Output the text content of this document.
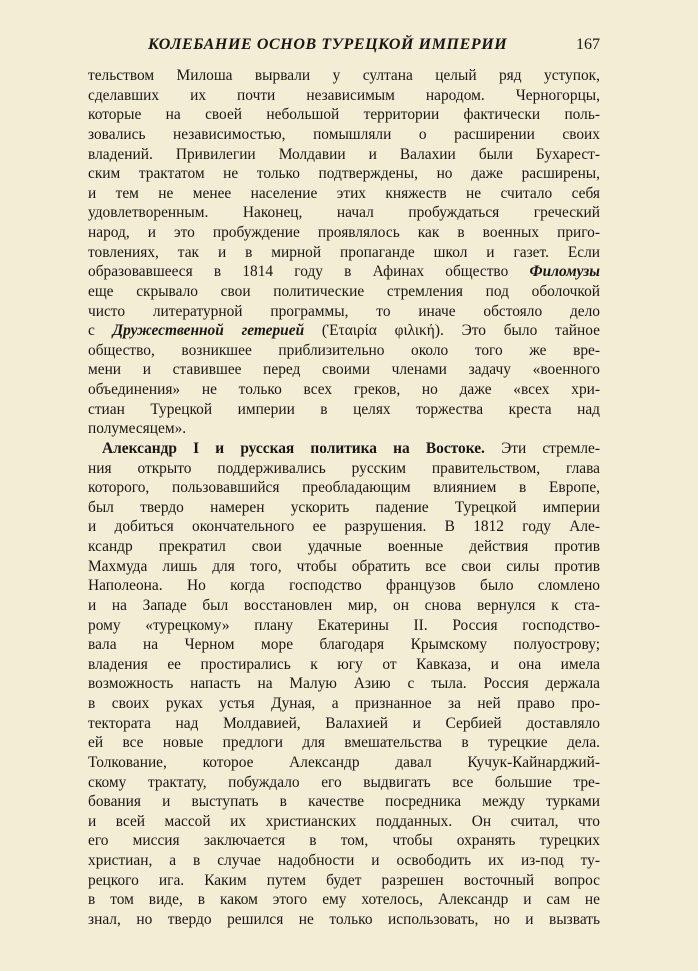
КОЛЕБАНИЕ ОСНОВ ТУРЕЦКОЙ ИМПЕРИИ	167
тельством Милоша вырвали у султана целый ряд уступок,
сделавших их почти независимым народом. Черногорцы,
которые на своей небольшой территории фактически поль-
зовались независимостью, помышляли о расширении своих
владений. Привилегии Молдавии и Валахии были Бухарест-
ским трактатом не только подтверждены, но даже расширены,
и тем не менее население этих княжеств не считало себя
удовлетворенным. Наконец, начал пробуждаться греческий
народ, и это пробуждение проявлялось как в военных приго-
товлениях, так и в мирной пропаганде школ и газет. Если
образовавшееся в 1814 году в Афинах общество Филомузы
еще скрывало свои политические стремления под оболочкой
чисто литературной программы, то иначе обстояло дело
с Дружественной гетерией (Ἑταιρία φιλική). Это было тайное
общество, возникшее приблизительно около того же вре-
мени и ставившее перед своими членами задачу «военного
объединения» не только всех греков, но даже «всех хри-
стиан Турецкой империи в целях торжества креста над
полумесяцем».
Александр I и русская политика на Востоке. Эти стремле-
ния открыто поддерживались русским правительством, глава
которого, пользовавшийся преобладающим влиянием в Европе,
был твердо намерен ускорить падение Турецкой империи
и добиться окончательного ее разрушения. В 1812 году Але-
ксандр прекратил свои удачные военные действия против
Махмуда лишь для того, чтобы обратить все свои силы против
Наполеона. Но когда господство французов было сломлено
и на Западе был восстановлен мир, он снова вернулся к ста-
рому «турецкому» плану Екатерины II. Россия господство-
вала на Черном море благодаря Крымскому полуострову;
владения ее простирались к югу от Кавказа, и она имела
возможность напасть на Малую Азию с тыла. Россия держала
в своих руках устья Дуная, а признанное за ней право про-
тектората над Молдавией, Валахией и Сербией доставляло
ей все новые предлоги для вмешательства в турецкие дела.
Толкование, которое Александр давал Кучук-Кайнарджий-
скому трактату, побуждало его выдвигать все большие тре-
бования и выступать в качестве посредника между турками
и всей массой их христианских подданных. Он считал, что
его миссия заключается в том, чтобы охранять турецких
христиан, а в случае надобности и освободить их из-под ту-
рецкого ига. Каким путем будет разрешен восточный вопрос
в том виде, в каком этого ему хотелось, Александр и сам не
знал, но твердо решился не только использовать, но и вызвать
